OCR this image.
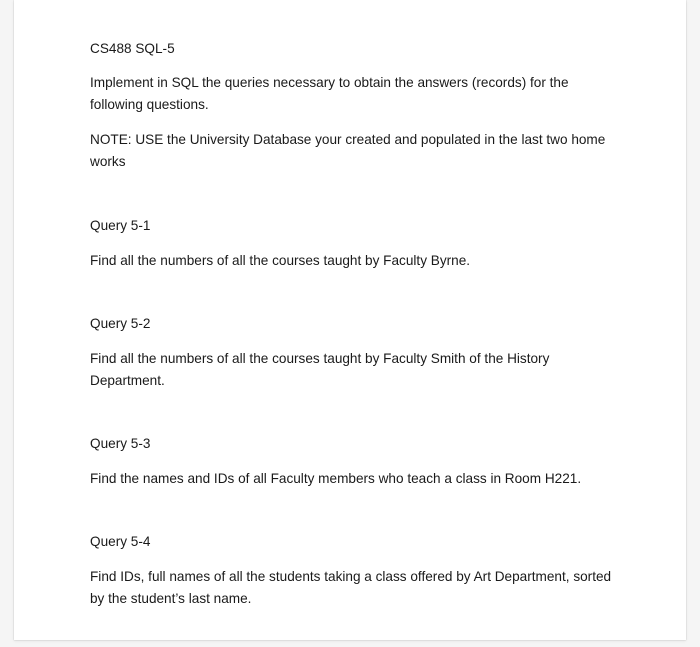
CS488 SQL-5

Implement in SQL the queries necessary to obtain the answers (records) for the following questions.

NOTE: USE the University Database your created and populated in the last two home works

Query 5-1

Find all the numbers of all the courses taught by Faculty Byrne.

Query 5-2

Find all the numbers of all the courses taught by Faculty Smith of the History Department.

Query 5-3

Find the names and IDs of all Faculty members who teach a class in Room H221.

Query 5-4

Find IDs, full names of all the students taking a class offered by Art Department, sorted by the student’s last name.
